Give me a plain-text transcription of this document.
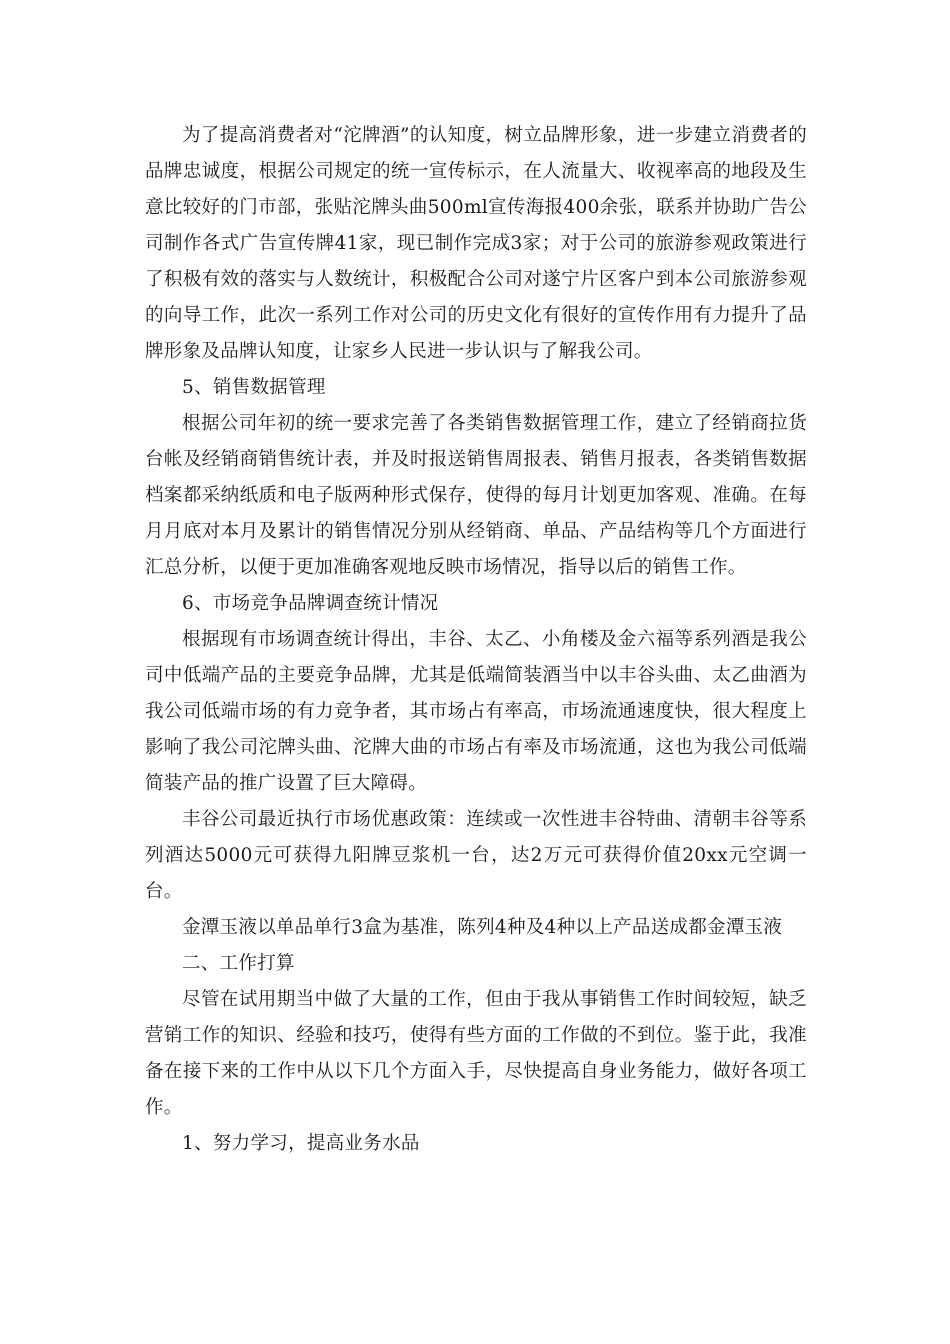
为了提高消费者对“沱牌酒”的认知度，树立品牌形象，进一步建立消费者的品牌忠诚度，根据公司规定的统一宣传标示，在人流量大、收视率高的地段及生意比较好的门市部，张贴沱牌头曲500ml宣传海报400余张，联系并协助广告公司制作各式广告宣传牌41家，现已制作完成3家；对于公司的旅游参观政策进行了积极有效的落实与人数统计，积极配合公司对遂宁片区客户到本公司旅游参观的向导工作，此次一系列工作对公司的历史文化有很好的宣传作用有力提升了品牌形象及品牌认知度，让家乡人民进一步认识与了解我公司。

5、销售数据管理

根据公司年初的统一要求完善了各类销售数据管理工作，建立了经销商拉货台帐及经销商销售统计表，并及时报送销售周报表、销售月报表，各类销售数据档案都采纳纸质和电子版两种形式保存，使得的每月计划更加客观、准确。在每月月底对本月及累计的销售情况分别从经销商、单品、产品结构等几个方面进行汇总分析，以便于更加准确客观地反映市场情况，指导以后的销售工作。

6、市场竞争品牌调查统计情况

根据现有市场调查统计得出，丰谷、太乙、小角楼及金六福等系列酒是我公司中低端产品的主要竞争品牌，尤其是低端简装酒当中以丰谷头曲、太乙曲酒为我公司低端市场的有力竞争者，其市场占有率高，市场流通速度快，很大程度上影响了我公司沱牌头曲、沱牌大曲的市场占有率及市场流通，这也为我公司低端简装产品的推广设置了巨大障碍。

丰谷公司最近执行市场优惠政策：连续或一次性进丰谷特曲、清朝丰谷等系列酒达5000元可获得九阳牌豆浆机一台，达2万元可获得价值20xx元空调一台。

金潭玉液以单品单行3盒为基准，陈列4种及4种以上产品送成都金潭玉液

二、工作打算

尽管在试用期当中做了大量的工作，但由于我从事销售工作时间较短，缺乏营销工作的知识、经验和技巧，使得有些方面的工作做的不到位。鉴于此，我准备在接下来的工作中从以下几个方面入手，尽快提高自身业务能力，做好各项工作。

1、努力学习，提高业务水品
